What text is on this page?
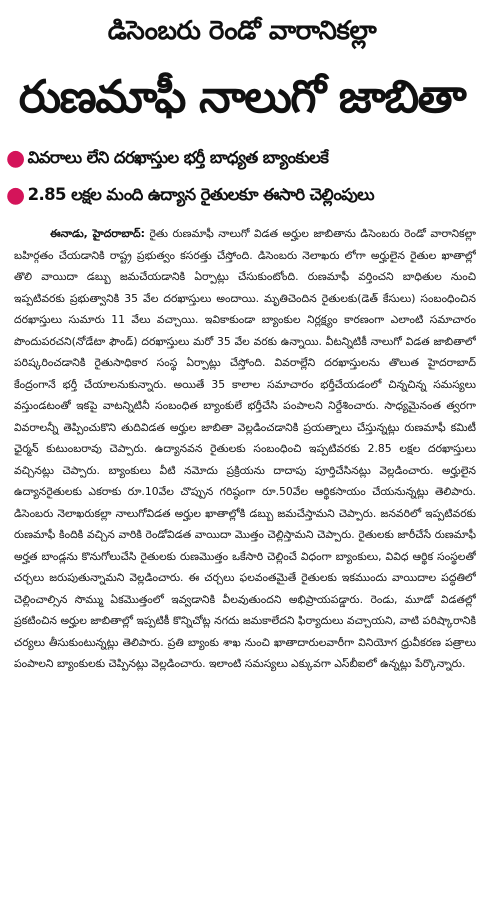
డిసెంబరు రెండో వారానికల్లా
రుణమాఫీ నాలుగో జాబితా
● వివరాలు లేని దరఖాస్తుల భర్తీ బాధ్యత బ్యాంకులకే
● 2.85 లక్షల మంది ఉద్యాన రైతులకూ ఈసారి చెల్లింపులు
ఈనాడు, హైదరాబాద్: రైతు రుణమాఫీ నాలుగో విడత అర్హుల జాబితాను డిసెంబరు రెండో వారానికల్లా బహిర్గతం చేయడానికి రాష్ట్ర ప్రభుత్వం కసరత్తు చేస్తోంది. డిసెంబరు నెలాఖరు లోగా అర్హులైన రైతుల ఖాతాల్లో తొలి వాయిదా డబ్బు జమచేయడానికి ఏర్పాట్లు చేసుకుంటోంది. రుణమాఫీ వర్తించని బాధితుల నుంచి ఇప్పటివరకు ప్రభుత్వానికి 35 వేల దరఖాస్తులు అందాయి. మృతిచెందిన రైతులకు(డెత్ కేసులు) సంబంధించిన దరఖాస్తులు సుమారు 11 వేలు వచ్చాయి. ఇవికాకుండా బ్యాంకుల నిర్లక్ష్యం కారణంగా ఎలాంటి సమాచారం పొందుపరచని(నోడేటా ఫౌండ్) దరఖాస్తులు మరో 35 వేల వరకు ఉన్నాయి. వీటన్నిటికీ నాలుగో విడత జాబితాలో పరిష్కరించడానికి రైతుసాధికార సంస్థ ఏర్పాట్లు చేస్తోంది. వివరాల్లేని దరఖాస్తులను తొలుత హైదరాబాద్ కేంద్రంగానే భర్తీ చేయాలనుకున్నారు. అయితే 35 కాలాల సమాచారం భర్తీచేయడంలో చిన్నచిన్న సమస్యలు వస్తుండటంతో ఇకపై వాటన్నిటినీ సంబంధిత బ్యాంకులే భర్తీచేసి పంపాలని నిర్దేశించారు. సాధ్యమైనంత త్వరగా వివరాలన్నీ తెప్పించుకొని తుదివిడత అర్హుల జాబితా వెల్లడించడానికి ప్రయత్నాలు చేస్తున్నట్లు రుణమాఫీ కమిటీ ఛైర్మన్ కుటుంబరావు చెప్పారు. ఉద్యానవన రైతులకు సంబంధించి ఇప్పటివరకు 2.85 లక్షల దరఖాస్తులు వచ్చినట్లు చెప్పారు. బ్యాంకులు వీటి నమోదు ప్రక్రియను దాదాపు పూర్తిచేసినట్లు వెల్లడించారు. అర్హులైన ఉద్యానరైతులకు ఎకరాకు రూ.10వేల చొప్పున గరిష్ఠంగా రూ.50వేల ఆర్థికసాయం చేయనున్నట్లు తెలిపారు. డిసెంబరు నెలాఖరుకల్లా నాలుగోవిడత అర్హుల ఖాతాల్లోకి డబ్బు జమచేస్తామని చెప్పారు. జనవరిలో ఇప్పటివరకు రుణమాఫీ కిందికి వచ్చిన వారికి రెండోవిడత వాయిదా మొత్తం చెల్లిస్తామని చెప్పారు. రైతులకు జారీచేసే రుణమాఫీ అర్హత బాండ్లను కొనుగోలుచేసి రైతులకు రుణమొత్తం ఒకేసారి చెల్లించే విధంగా బ్యాంకులు, వివిధ ఆర్థిక సంస్థలతో చర్చలు జరుపుతున్నామని వెల్లడించారు. ఈ చర్చలు ఫలవంతమైతే రైతులకు ఇకముందు వాయిదాల పద్ధతిలో చెల్లించాల్సిన సొమ్ము ఏకమొత్తంలో ఇవ్వడానికి వీలవుతుందని అభిప్రాయపడ్డారు. రెండు, మూడో విడతల్లో ప్రకటించిన అర్హుల జాబితాల్లో ఇప్పటికీ కొన్నిచోట్ల నగదు జమకాలేదని ఫిర్యాదులు వచ్చాయని, వాటి పరిష్కారానికి చర్యలు తీసుకుంటున్నట్లు తెలిపారు. ప్రతి బ్యాంకు శాఖ నుంచి ఖాతాదారులవారీగా వినియోగ ధ్రువీకరణ పత్రాలు పంపాలని బ్యాంకులకు చెప్పినట్లు వెల్లడించారు. ఇలాంటి సమస్యలు ఎక్కువగా ఎస్‌బీఐలో ఉన్నట్లు పేర్కొన్నారు.
